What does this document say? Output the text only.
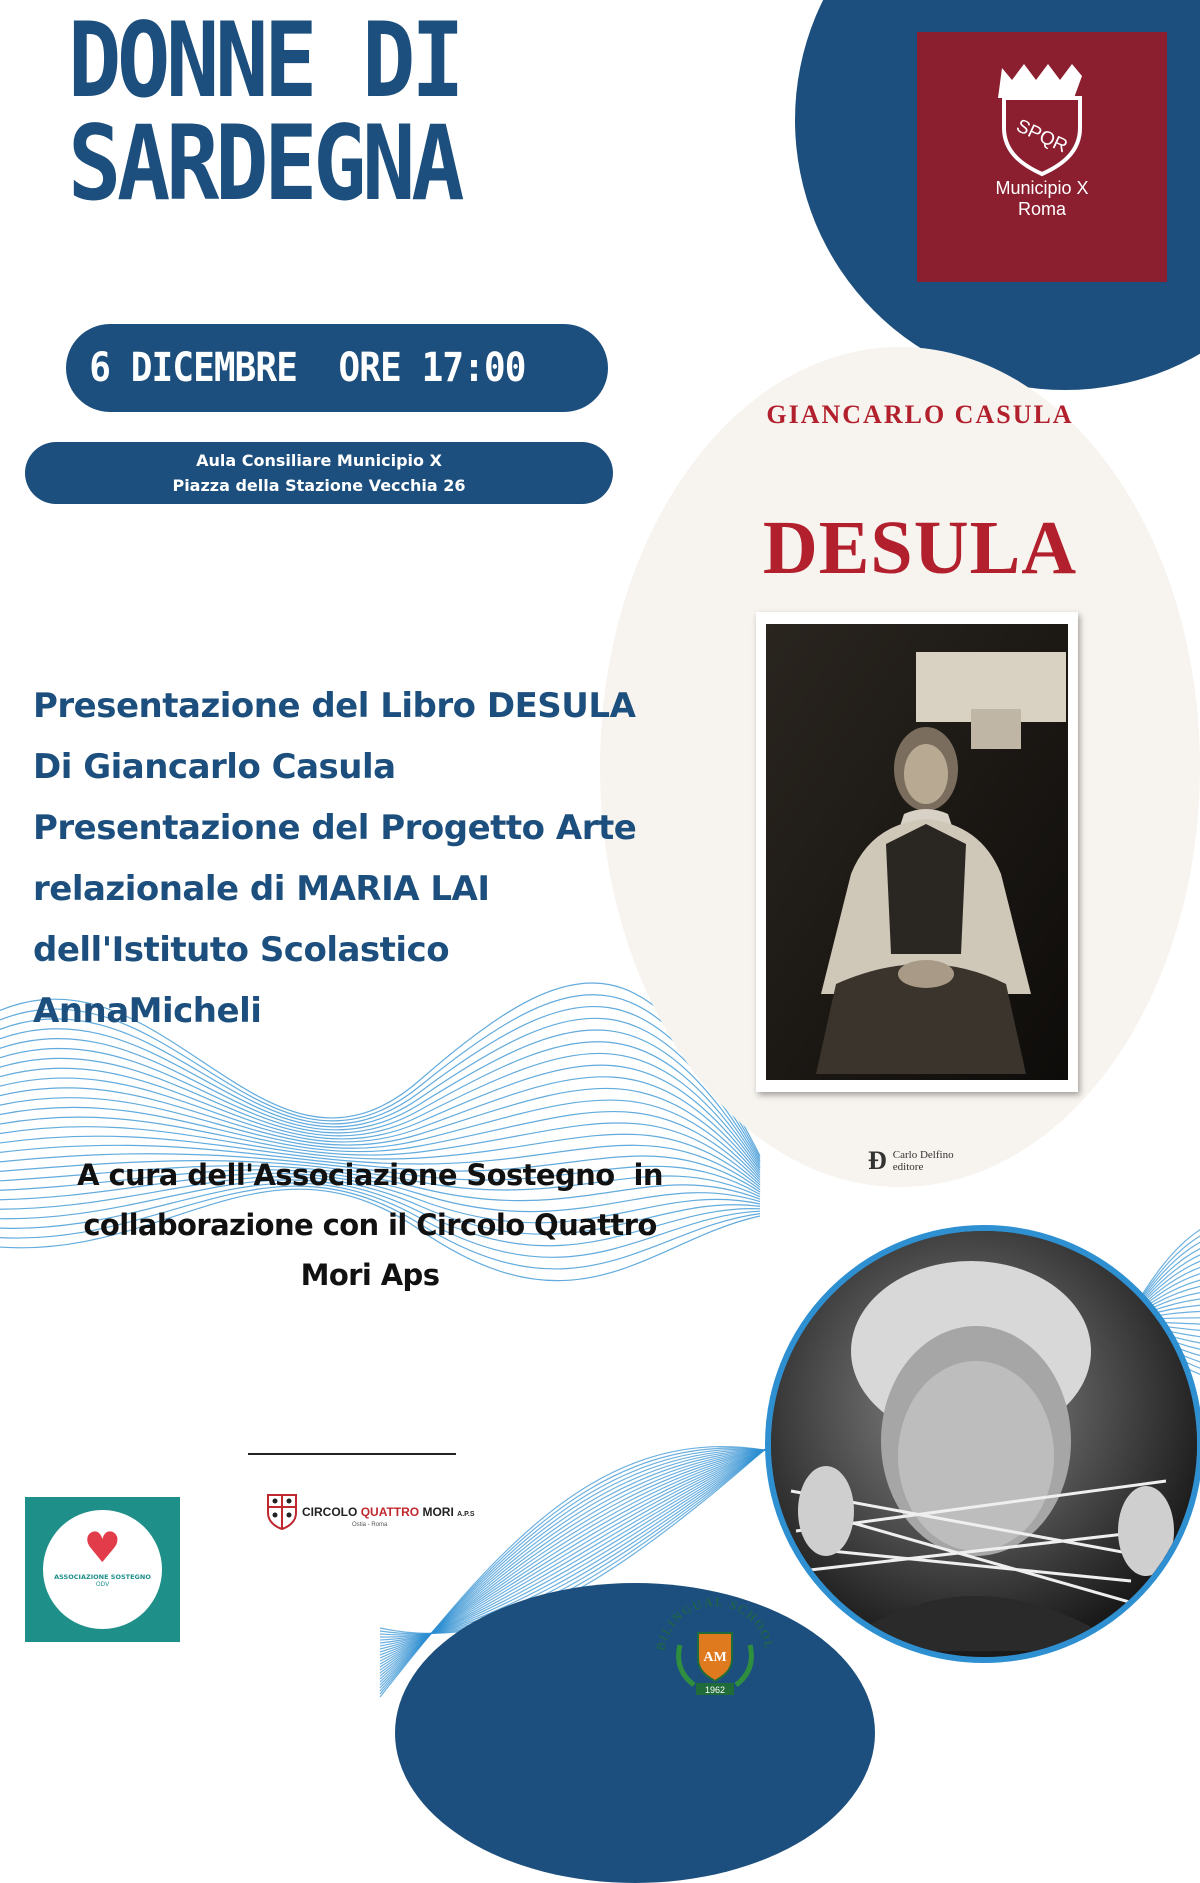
SPQR
Municipio X
Roma
DONNE DI
SARDEGNA
6 DICEMBRE  ORE 17:00
Aula Consiliare Municipio X
Piazza della Stazione Vecchia 26
GIANCARLO CASULA
DESULA
Đ Carlo Delfino
editore
Presentazione del Libro DESULA
Di Giancarlo Casula
Presentazione del Progetto Arte
relazionale di MARIA LAI
dell'Istituto Scolastico
AnnaMicheli
A cura dell'Associazione Sostegno  in
collaborazione con il Circolo Quattro
Mori Aps
♥
ASSOCIAZIONE SOSTEGNO
ODV
CIRCOLO QUATTRO MORI A.P.S
Ostia - Roma
BILINGUAL SCHOOL
AM
1962
